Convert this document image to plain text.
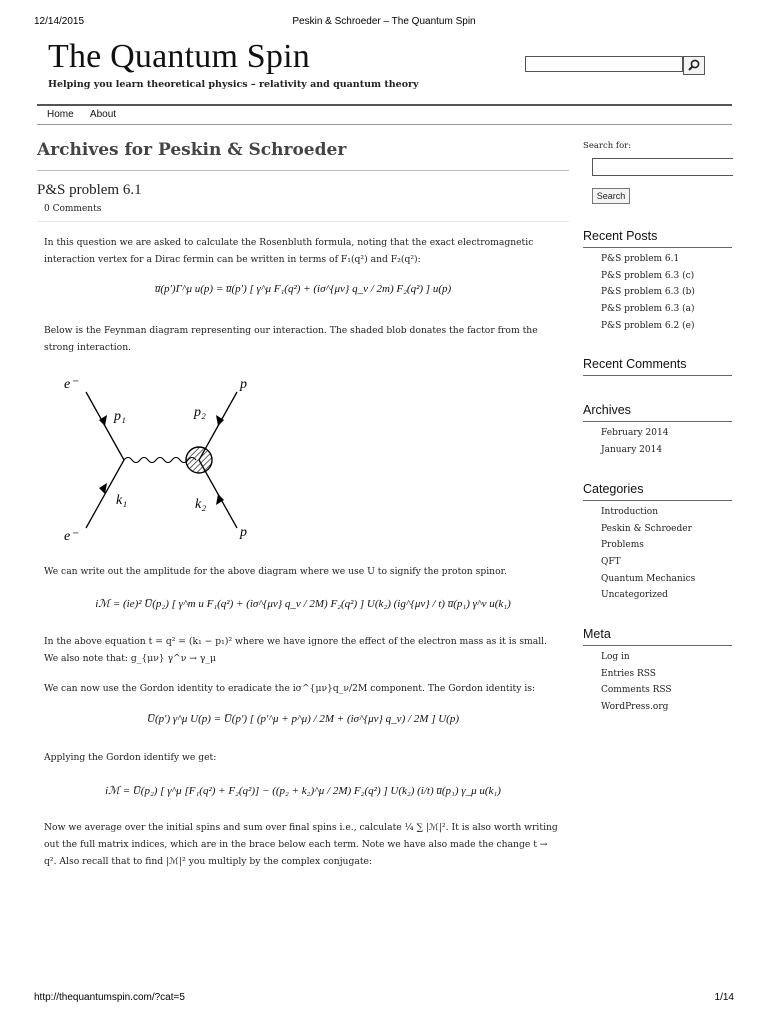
12/14/2015	Peskin & Schroeder – The Quantum Spin
The Quantum Spin
Helping you learn theoretical physics – relativity and quantum theory
Home About
Archives for Peskin & Schroeder
P&S problem 6.1
0 Comments
In this question we are asked to calculate the Rosenbluth formula, noting that the exact electromagnetic interaction vertex for a Dirac fermin can be written in terms of F₁(q²) and F₂(q²):
u̅(p′)Γ^μ u(p) = u̅(p′) [ γ^μ F₁(q²) + (iσ^{μν} q_ν / 2m) F₂(q²) ] u(p)
Below is the Feynman diagram representing our interaction. The shaded blob donates the factor from the strong interaction.
e⁻
e⁻
p
p
p₁	p₂
k₁	k₂
We can write out the amplitude for the above diagram where we use U to signify the proton spinor.
iℳ = (ie)² U̅(p₂) [ γ^m u F₁(q²) + (iσ^{μν} q_ν / 2M) F₂(q²) ] U(k₂) (ig^{μν} / t) u̅(p₁) γ^ν u(k₁)
In the above equation t = q² = (k₁ − p₁)² where we have ignore the effect of the electron mass as it is small. We also note that: g_{μν} γ^ν → γ_μ
We can now use the Gordon identity to eradicate the iσ^{μν}q_ν/2M component. The Gordon identity is:
U̅(p′) γ^μ U(p) = U̅(p′) [ (p′^μ + p^μ) / 2M + (iσ^{μν} q_ν) / 2M ] U(p)
Applying the Gordon identify we get:
iℳ = U̅(p₂) [ γ^μ [F₁(q²) + F₂(q²)] − ((p₂ + k₂)^μ / 2M) F₂(q²) ] U(k₂) (i/t) u̅(p₁) γ_μ u(k₁)
Now we average over the initial spins and sum over final spins i.e., calculate ¼ ∑ |ℳ|². It is also worth writing out the full matrix indices, which are in the brace below each term. Note we have also made the change t → q². Also recall that to find |ℳ|² you multiply by the complex conjugate:
Search for:
Search
Recent Posts
P&S problem 6.1
P&S problem 6.3 (c)
P&S problem 6.3 (b)
P&S problem 6.3 (a)
P&S problem 6.2 (e)
Recent Comments
Archives
February 2014
January 2014
Categories
Introduction
Peskin & Schroeder
Problems
QFT
Quantum Mechanics
Uncategorized
Meta
Log in
Entries RSS
Comments RSS
WordPress.org
http://thequantumspin.com/?cat=5	1/14
